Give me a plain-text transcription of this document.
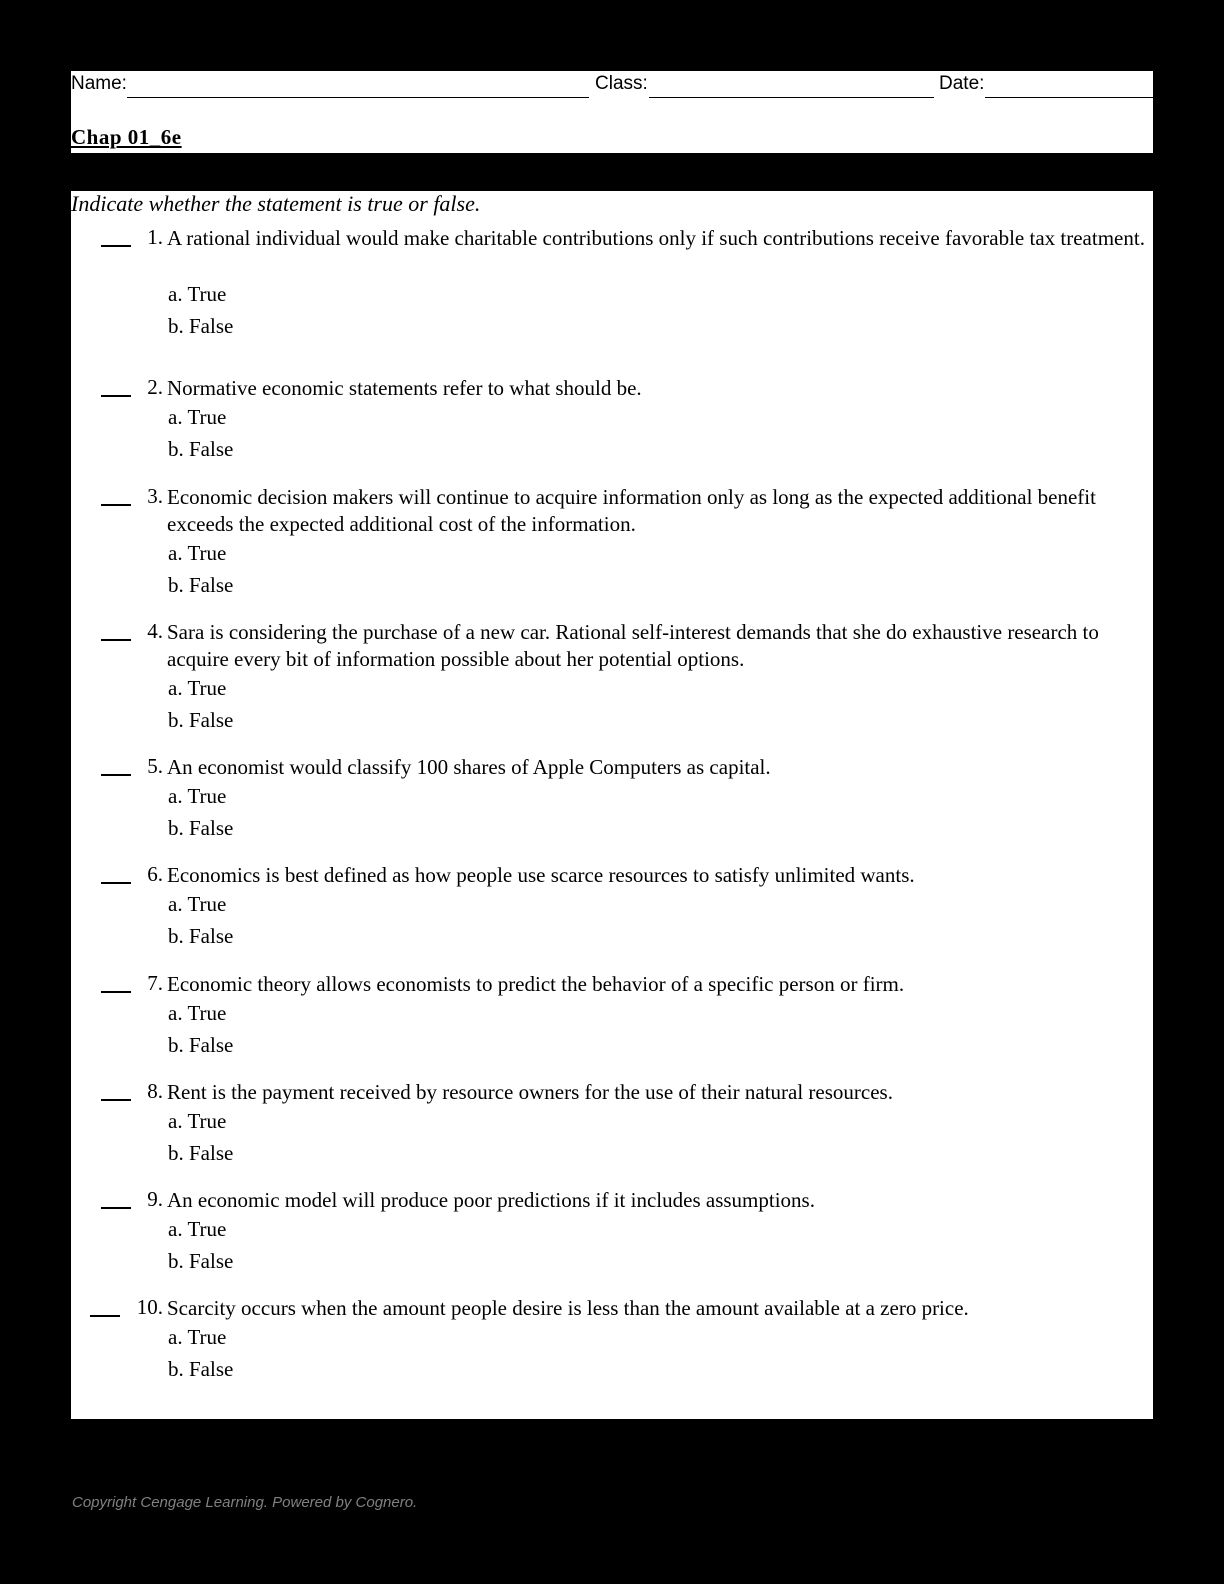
Name:	Class:	Date:
Chap 01_6e
Indicate whether the statement is true or false.
1. A rational individual would make charitable contributions only if such contributions receive favorable tax treatment.
a. True
b. False
2. Normative economic statements refer to what should be.
a. True
b. False
3. Economic decision makers will continue to acquire information only as long as the expected additional benefit exceeds the expected additional cost of the information.
a. True
b. False
4. Sara is considering the purchase of a new car. Rational self-interest demands that she do exhaustive research to acquire every bit of information possible about her potential options.
a. True
b. False
5. An economist would classify 100 shares of Apple Computers as capital.
a. True
b. False
6. Economics is best defined as how people use scarce resources to satisfy unlimited wants.
a. True
b. False
7. Economic theory allows economists to predict the behavior of a specific person or firm.
a. True
b. False
8. Rent is the payment received by resource owners for the use of their natural resources.
a. True
b. False
9. An economic model will produce poor predictions if it includes assumptions.
a. True
b. False
10. Scarcity occurs when the amount people desire is less than the amount available at a zero price.
a. True
b. False
Copyright Cengage Learning. Powered by Cognero.
